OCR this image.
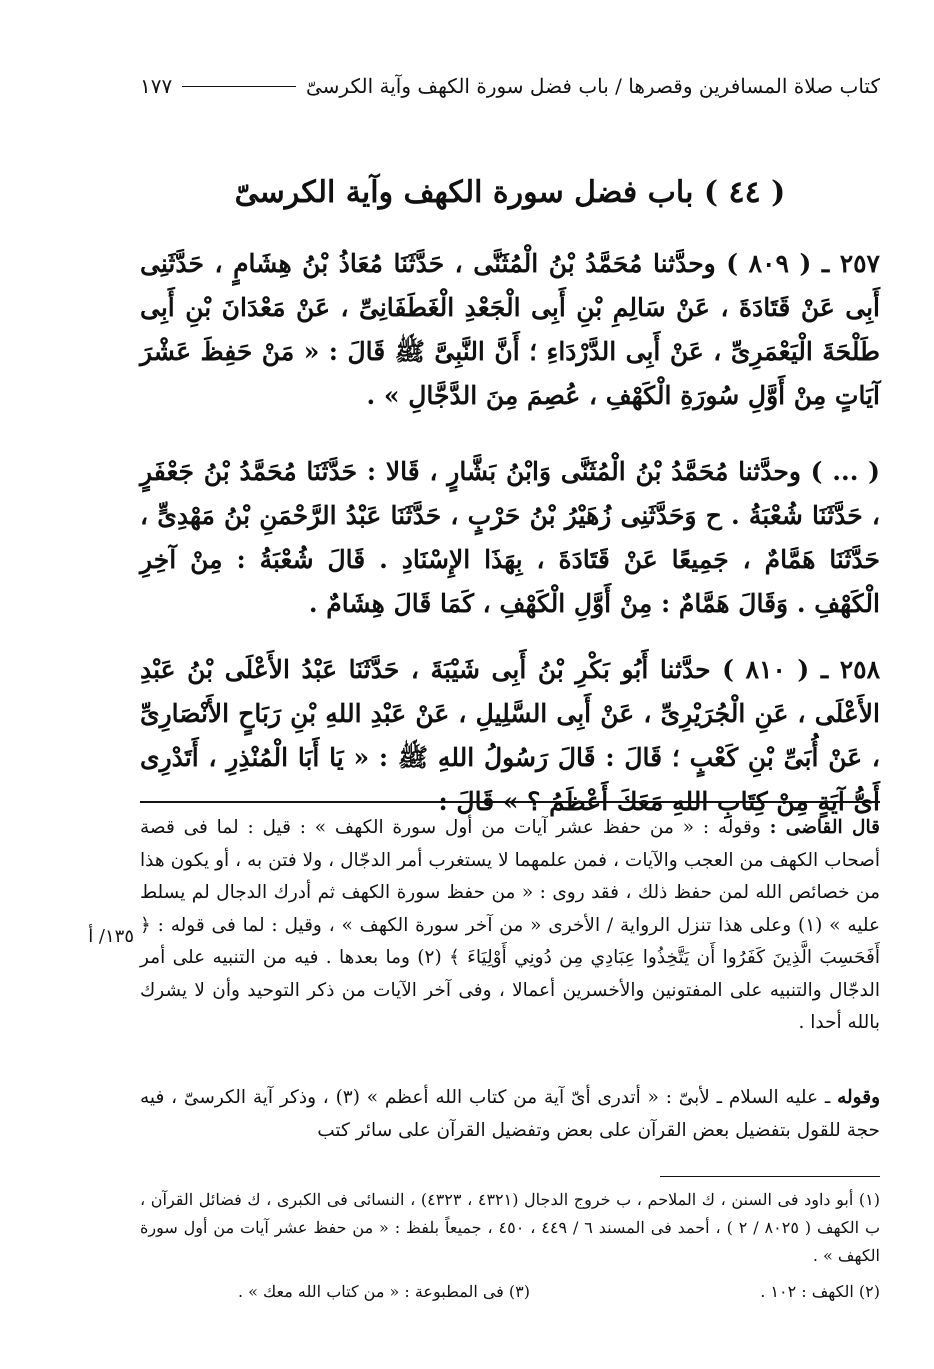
كتاب صلاة المسافرين وقصرها / باب فضل سورة الكهف وآية الكرسىّ
١٧٧
( ٤٤ ) باب فضل سورة الكهف وآية الكرسىّ
٢٥٧ ـ ( ٨٠٩ ) وحدَّثنا مُحَمَّدُ بْنُ الْمُثَنَّى ، حَدَّثَنَا مُعَاذُ بْنُ هِشَامٍ ، حَدَّثَنِى أَبِى عَنْ قَتَادَةَ ، عَنْ سَالِمِ بْنِ أَبِى الْجَعْدِ الْغَطَفَانِىِّ ، عَنْ مَعْدَانَ بْنِ أَبِى طَلْحَةَ الْيَعْمَرِىِّ ، عَنْ أَبِى الدَّرْدَاءِ ؛ أَنَّ النَّبِىَّ ﷺ قَالَ : « مَنْ حَفِظَ عَشْرَ آيَاتٍ مِنْ أَوَّلِ سُورَةِ الْكَهْفِ ، عُصِمَ مِنَ الدَّجَّالِ » .
( ... ) وحدَّثنا مُحَمَّدُ بْنُ الْمُثَنَّى وَابْنُ بَشَّارٍ ، قَالا : حَدَّثَنَا مُحَمَّدُ بْنُ جَعْفَرٍ ، حَدَّثَنَا شُعْبَةُ . ح وَحَدَّثَنِى زُهَيْرُ بْنُ حَرْبٍ ، حَدَّثَنَا عَبْدُ الرَّحْمَنِ بْنُ مَهْدِىٍّ ، حَدَّثَنَا هَمَّامٌ ، جَمِيعًا عَنْ قَتَادَةَ ، بِهَذَا الإِسْنَادِ . قَالَ شُعْبَةُ : مِنْ آخِرِ الْكَهْفِ . وَقَالَ هَمَّامٌ : مِنْ أَوَّلِ الْكَهْفِ ، كَمَا قَالَ هِشَامٌ .
٢٥٨ ـ ( ٨١٠ ) حدَّثنا أَبُو بَكْرِ بْنُ أَبِى شَيْبَةَ ، حَدَّثَنَا عَبْدُ الأَعْلَى بْنُ عَبْدِ الأَعْلَى ، عَنِ الْجُرَيْرِىِّ ، عَنْ أَبِى السَّلِيلِ ، عَنْ عَبْدِ اللهِ بْنِ رَبَاحٍ الأَنْصَارِىِّ ، عَنْ أُبَىِّ بْنِ كَعْبٍ ؛ قَالَ : قَالَ رَسُولُ اللهِ ﷺ : « يَا أَبَا الْمُنْذِرِ ، أَتَدْرِى أَىُّ آيَةٍ مِنْ كِتَابِ اللهِ مَعَكَ أَعْظَمُ ؟ » قَالَ :
قال القاضى : وقوله : « من حفظ عشر آيات من أول سورة الكهف » : قيل : لما فى قصة أصحاب الكهف من العجب والآيات ، فمن علمهما لا يستغرب أمر الدجّال ، ولا فتن به ، أو يكون هذا من خصائص الله لمن حفظ ذلك ، فقد روى : « من حفظ سورة الكهف ثم أدرك الدجال لم يسلط عليه » (١) وعلى هذا تنزل الرواية / الأخرى « من آخر سورة الكهف » ، وقيل : لما فى قوله : ﴿ أَفَحَسِبَ الَّذِينَ كَفَرُوا أَن يَتَّخِذُوا عِبَادِي مِن دُونِي أَوْلِيَاءَ ﴾ (٢) وما بعدها . فيه من التنبيه على أمر الدجّال والتنبيه على المفتونين والأخسرين أعمالا ، وفى آخر الآيات من ذكر التوحيد وأن لا يشرك بالله أحدا .
١٣٥/ أ
وقوله ـ عليه السلام ـ لأبىّ : « أتدرى أىّ آية من كتاب الله أعظم » (٣) ، وذكر آية الكرسىّ ، فيه حجة للقول بتفضيل بعض القرآن على بعض وتفضيل القرآن على سائر كتب
(١) أبو داود فى السنن ، ك الملاحم ، ب خروج الدجال (٤٣٢١ ، ٤٣٢٣) ، النسائى فى الكبرى ، ك فضائل القرآن ، ب الكهف ( ٨٠٢٥ / ٢ ) ، أحمد فى المسند ٦ / ٤٤٩ ، ٤٥٠ ، جميعاً بلفظ : « من حفظ عشر آيات من أول سورة الكهف » .
(٢) الكهف : ١٠٢ .
(٣) فى المطبوعة : « من كتاب الله معك » .
